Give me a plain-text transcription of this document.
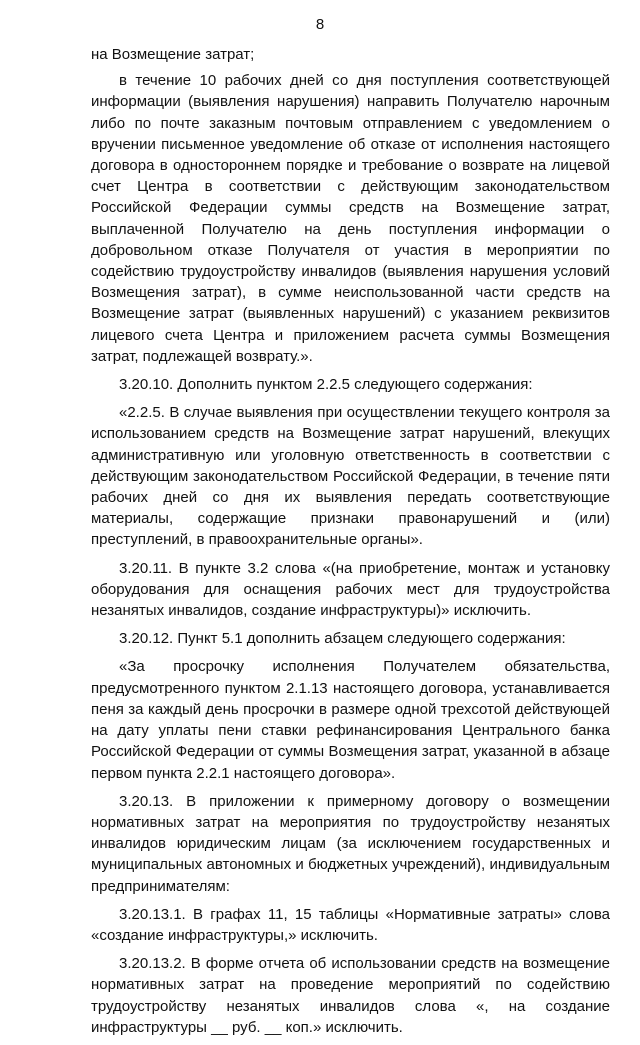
8

на Возмещение затрат;

в течение 10 рабочих дней со дня поступления соответствующей информации (выявления нарушения) направить Получателю нарочным либо по почте заказным почтовым отправлением с уведомлением о вручении письменное уведомление об отказе от исполнения настоящего договора в одностороннем порядке и требование о возврате на лицевой счет Центра в соответствии с действующим законодательством Российской Федерации суммы средств на Возмещение затрат, выплаченной Получателю на день поступления информации о добровольном отказе Получателя от участия в мероприятии по содействию трудоустройству инвалидов (выявления нарушения условий Возмещения затрат), в сумме неиспользованной части средств на Возмещение затрат (выявленных нарушений) с указанием реквизитов лицевого счета Центра и приложением расчета суммы Возмещения затрат, подлежащей возврату.».

3.20.10. Дополнить пунктом 2.2.5 следующего содержания:

«2.2.5. В случае выявления при осуществлении текущего контроля за использованием средств на Возмещение затрат нарушений, влекущих административную или уголовную ответственность в соответствии с действующим законодательством Российской Федерации, в течение пяти рабочих дней со дня их выявления передать соответствующие материалы, содержащие признаки правонарушений и (или) преступлений, в правоохранительные органы».

3.20.11. В пункте 3.2 слова «(на приобретение, монтаж и установку оборудования для оснащения рабочих мест для трудоустройства незанятых инвалидов, создание инфраструктуры)» исключить.

3.20.12. Пункт 5.1 дополнить абзацем следующего содержания:

«За просрочку исполнения Получателем обязательства, предусмотренного пунктом 2.1.13 настоящего договора, устанавливается пеня за каждый день просрочки в размере одной трехсотой действующей на дату уплаты пени ставки рефинансирования Центрального банка Российской Федерации от суммы Возмещения затрат, указанной в абзаце первом пункта 2.2.1 настоящего договора».

3.20.13. В приложении к примерному договору о возмещении нормативных затрат на мероприятия по трудоустройству незанятых инвалидов юридическим лицам (за исключением государственных и муниципальных автономных и бюджетных учреждений), индивидуальным предпринимателям:

3.20.13.1. В графах 11, 15 таблицы «Нормативные затраты» слова «создание инфраструктуры,» исключить.

3.20.13.2. В форме отчета об использовании средств на возмещение нормативных затрат на проведение мероприятий по содействию трудоустройству незанятых инвалидов слова «, на создание инфраструктуры __ руб. __ коп.» исключить.
